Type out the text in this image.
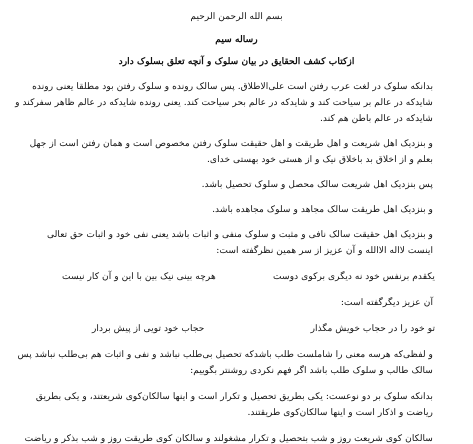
بسم الله الرحمن الرحیم
رساله سیم
ازکتاب کشف الحقایق در بیان سلوک و آنچه تعلق بسلوک دارد
بدانکه سلوک در لغت عرب رفتن است علی‌الاطلاق. پس سالک رونده و سلوک رفتن بود مطلقا یعنی رونده
شایدکه در عالم بر سیاحت کند و شایدکه در عالم بحر سیاحت کند. یعنی رونده شایدکه در عالم ظاهر سفرکند و
شایدکه در عالم باطن هم کند.
و بنزدیک اهل شریعت و اهل طریقت و اهل حقیقت سلوک رفتن مخصوص است و همان رفتن است از جهل
بعلم و از اخلاق بد باخلاق نیک و از هستی خود بهستی خدای.
پس بنزدیک اهل شریعت سالک محصل و سلوک تحصیل باشد.
و بنزدیک اهل طریقت سالک مجاهد و سلوک مجاهده باشد.
و بنزدیک اهل حقیقت سالک نافی و مثبت و سلوک منفی و اثبات باشد یعنی نفی خود و اثبات حق تعالی
اینست لااله الاالله و آن عزیز از سر همین نظرگفته است:
یکقدم برنفس خود نه دیگری برکوی دوست
هرچه بینی نیک بین با این و آن کار نیست
آن عزیز دیگرگفته است:
تو خود را در حجاب خویش مگذار
حجاب خود تویی از پیش بردار
و لفظی‌که هرسه معنی را شاملست طلب باشدکه تحصیل بی‌طلب نباشد و نفی و اثبات هم بی‌طلب نباشد پس
سالک طالب و سلوک طلب باشد اگر فهم نکردی روشنتر بگوییم:
بدانکه سلوک بر دو نوعست: یکی بطریق تحصیل و تکرار است و اینها سالکان‌کوی شریعتند، و یکی بطریق
ریاضت و اذکار است و اینها سالکان‌کوی طریقتند.
سالکان کوی شریعت روز و شب بتحصیل و تکرار مشغولند و سالکان کوی طریقت روز و شب بذکر و ریاضت
